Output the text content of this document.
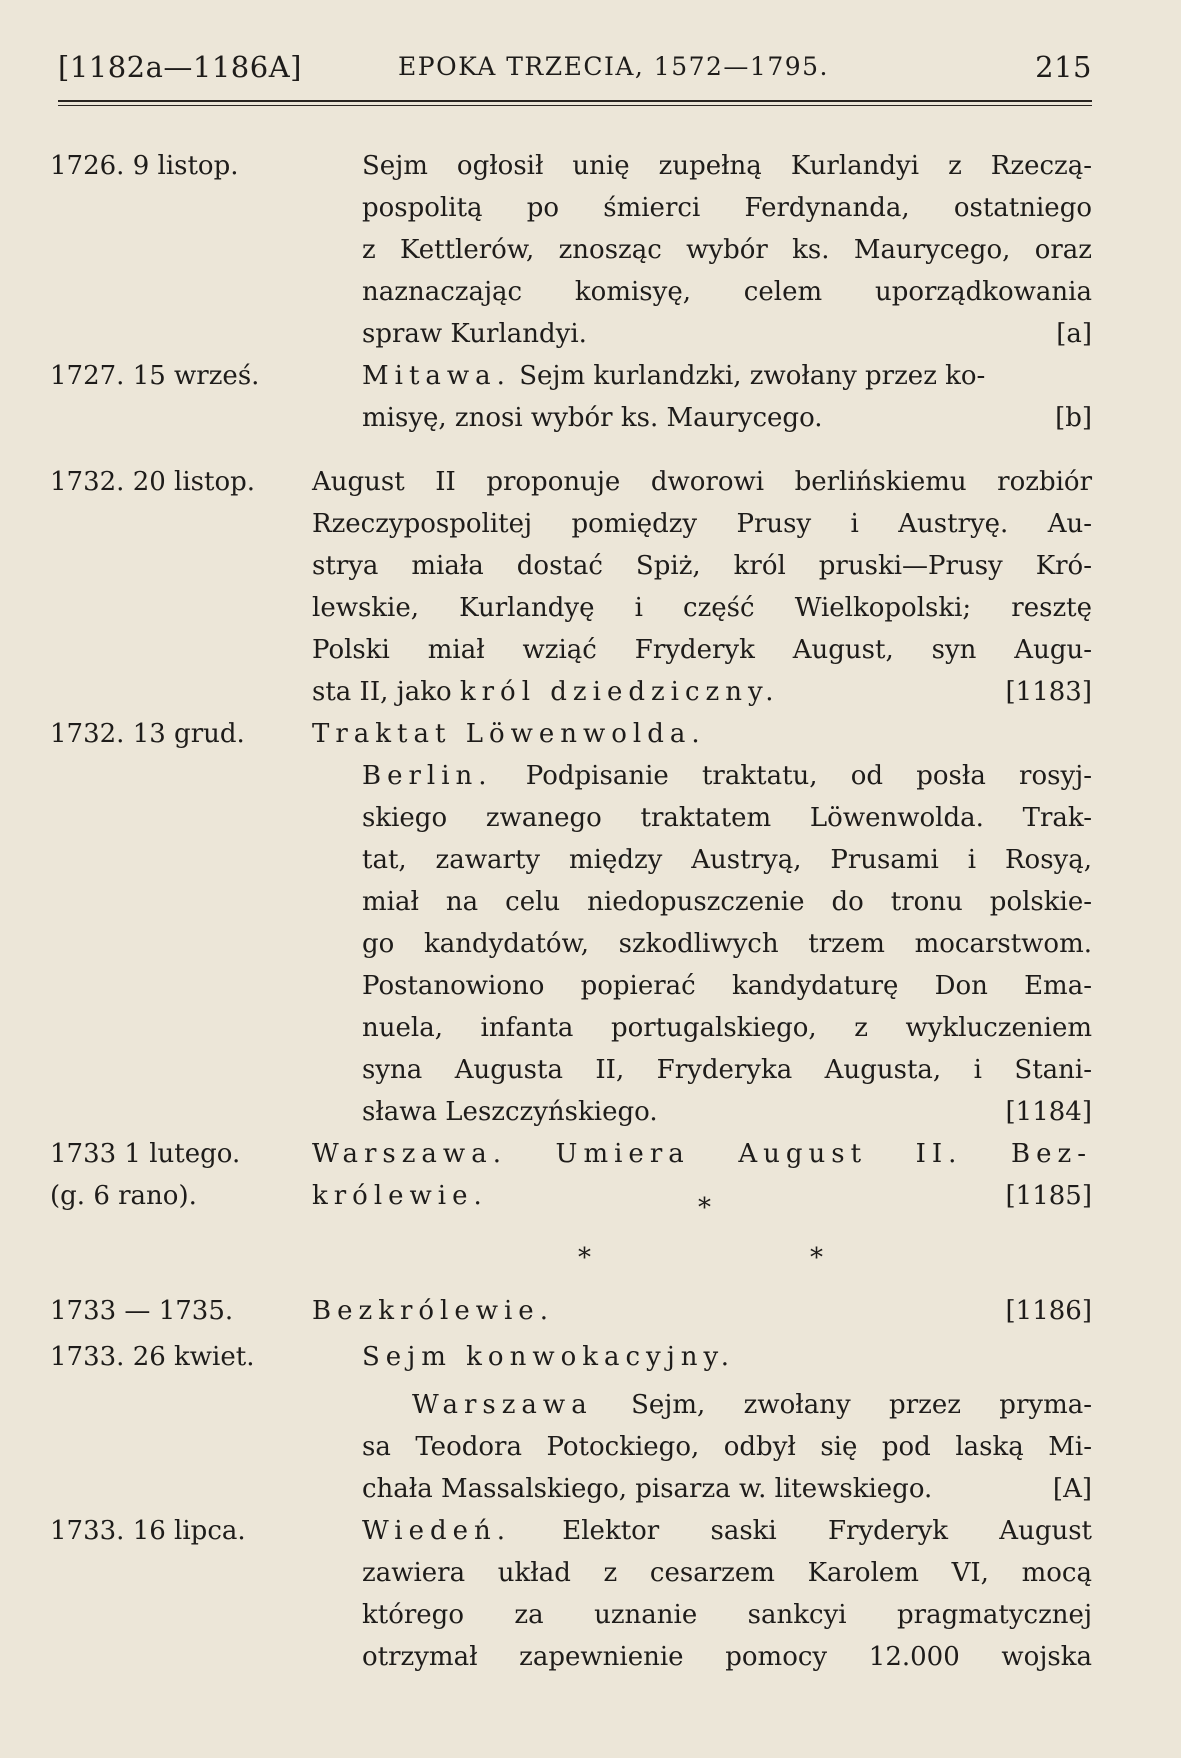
[1182a—1186A]	EPOKA TRZECIA, 1572—1795.	215
1726. 9 listop.	Sejm ogłosił unię zupełną Kurlandyi z Rzeczą-
pospolitą po śmierci Ferdynanda, ostatniego
z Kettlerów, znosząc wybór ks. Maurycego, oraz
naznaczając komisyę, celem uporządkowania
spraw Kurlandyi.	[a]
1727. 15 wrześ.	Mitawa. Sejm kurlandzki, zwołany przez ko-
misyę, znosi wybór ks. Maurycego.	[b]
1732. 20 listop.	August II proponuje dworowi berlińskiemu rozbiór
Rzeczypospolitej pomiędzy Prusy i Austryę. Au-
strya miała dostać Spiż, król pruski—Prusy Kró-
lewskie, Kurlandyę i część Wielkopolski; resztę
Polski miał wziąć Fryderyk August, syn Augu-
sta II, jako król dziedziczny.	[1183]
1732. 13 grud.	Traktat Löwenwolda.
Berlin. Podpisanie traktatu, od posła rosyj-
skiego zwanego traktatem Löwenwolda. Trak-
tat, zawarty między Austryą, Prusami i Rosyą,
miał na celu niedopuszczenie do tronu polskie-
go kandydatów, szkodliwych trzem mocarstwom.
Postanowiono popierać kandydaturę Don Ema-
nuela, infanta portugalskiego, z wykluczeniem
syna Augusta II, Fryderyka Augusta, i Stani-
sława Leszczyńskiego.	[1184]
1733 1 lutego.
(g. 6 rano).
Warszawa. Umiera August II. Bez-
królewie.	[1185]
*
*	*
1733 — 1735.	Bezkrólewie.	[1186]
1733. 26 kwiet.	Sejm konwokacyjny.
Warszawa Sejm, zwołany przez pryma-
sa Teodora Potockiego, odbył się pod laską Mi-
chała Massalskiego, pisarza w. litewskiego.	[A]
1733. 16 lipca.	Wiedeń. Elektor saski Fryderyk August
zawiera układ z cesarzem Karolem VI, mocą
którego za uznanie sankcyi pragmatycznej
otrzymał zapewnienie pomocy 12.000 wojska
